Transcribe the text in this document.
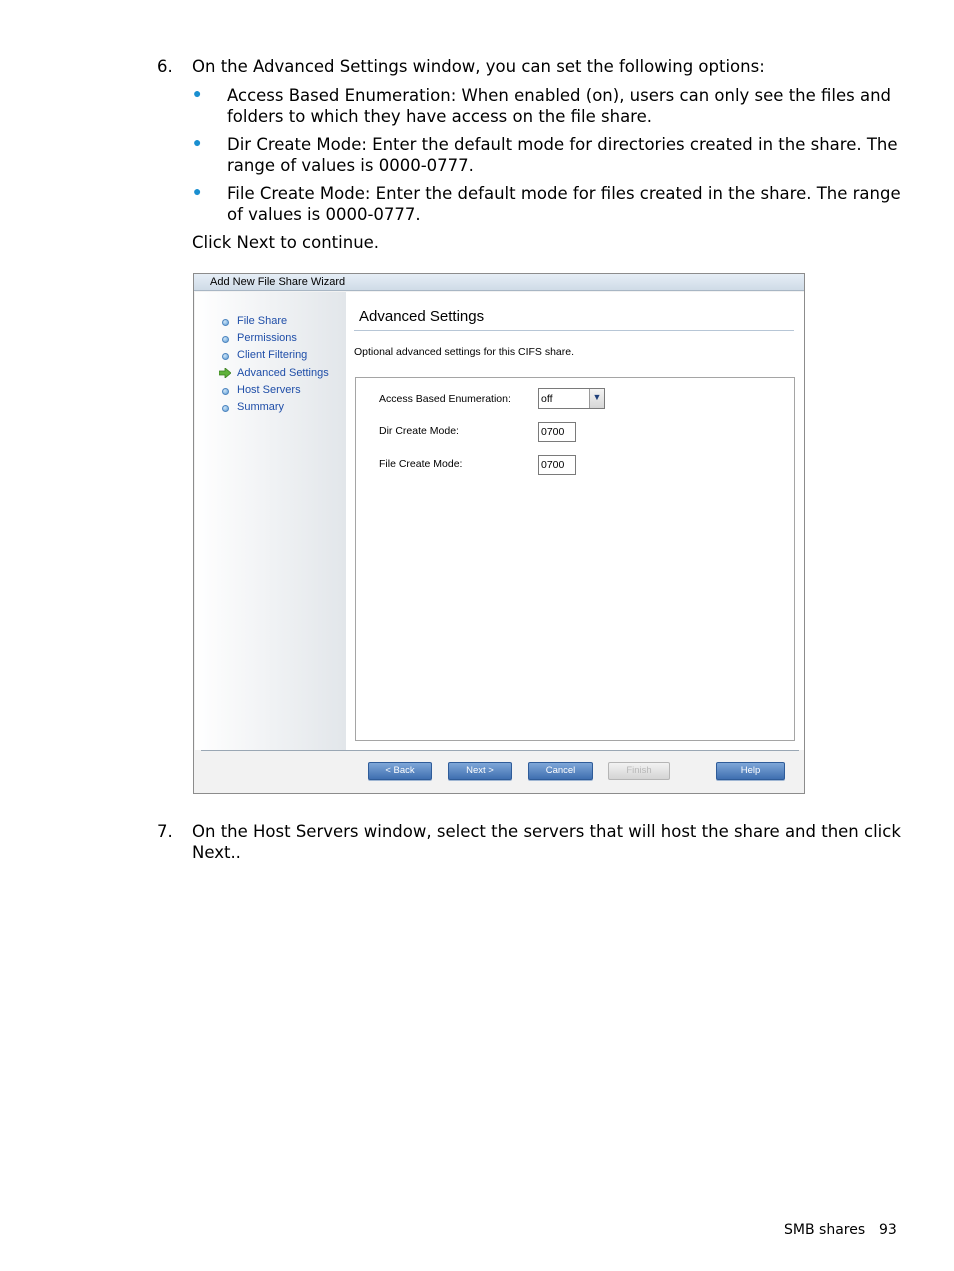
6. On the Advanced Settings window, you can set the following options:
● Access Based Enumeration: When enabled (on), users can only see the files and folders to which they have access on the file share.
● Dir Create Mode: Enter the default mode for directories created in the share. The range of values is 0000-0777.
● File Create Mode: Enter the default mode for files created in the share. The range of values is 0000-0777.
Click Next to continue.
Add New File Share Wizard
File Share
Permissions
Client Filtering
Advanced Settings
Host Servers
Summary
Advanced Settings
Optional advanced settings for this CIFS share.
Access Based Enumeration:	off	▼
Dir Create Mode:	0700
File Create Mode:	0700
< Back	Next >	Cancel	Finish	Help
7. On the Host Servers window, select the servers that will host the share and then click Next..
SMB shares 93
